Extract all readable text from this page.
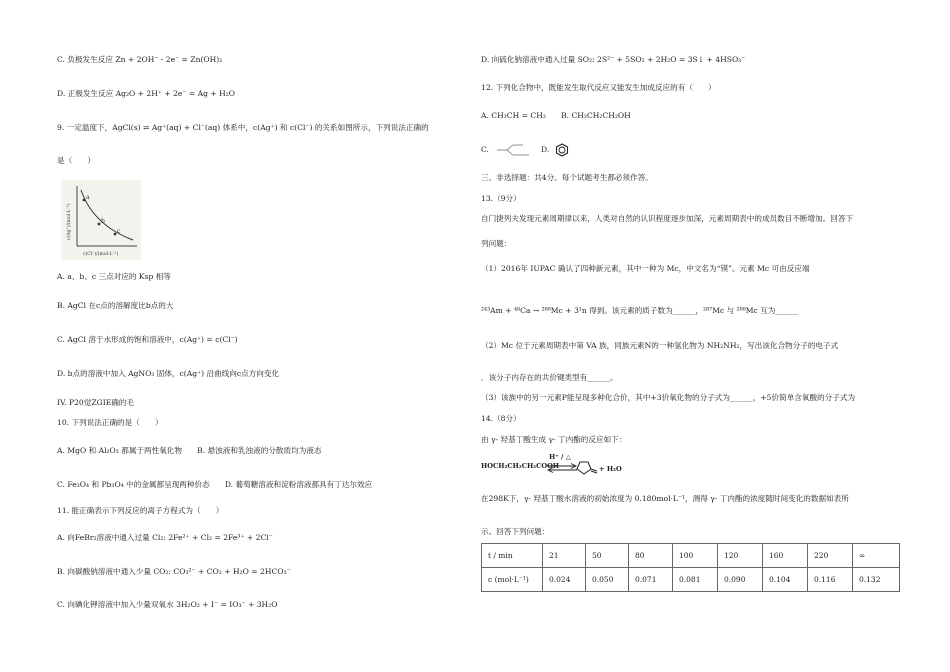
C. 负极发生反应 Zn + 2OH⁻ - 2e⁻ = Zn(OH)₂
D. 正极发生反应 Ag₂O + 2H⁺ + 2e⁻ = Ag + H₂O
9. 一定温度下，AgCl(s) ⇌ Ag⁺(aq) + Cl⁻(aq) 体系中，c(Ag⁺) 和 c(Cl⁻) 的关系如图所示，下列说法正确的
是（　　）
a
b
c
c(Ag⁺)/(mol·L⁻¹)
c(Cl⁻)/(mol·L⁻¹)
A. a、b、c 三点对应的 Ksp 相等
B. AgCl 在c点的溶解度比b点的大
C. AgCl 溶于水形成的饱和溶液中，c(Ag⁺) = c(Cl⁻)
D. b点的溶液中加入 AgNO₃ 固体，c(Ag⁺) 沿曲线向c点方向变化
IV. P20觉ZGIE确的毛
10. 下列说法正确的是（　　）
A. MgO 和 Al₂O₃ 都属于两性氧化物　　B. 悬浊液和乳浊液的分散质均为液态
C. Fe₃O₄ 和 Pb₃O₄ 中的金属都呈现两种价态　　D. 葡萄糖溶液和淀粉溶液都具有丁达尔效应
11. 能正确表示下列反应的离子方程式为（　　）
A. 向FeBr₂溶液中通入过量 Cl₂: 2Fe²⁺ + Cl₂ = 2Fe³⁺ + 2Cl⁻
B. 向碳酸钠溶液中通入少量 CO₂: CO₃²⁻ + CO₂ + H₂O = 2HCO₃⁻
C. 向碘化钾溶液中加入少量双氧水 3H₂O₂ + I⁻ = IO₃⁻ + 3H₂O
D. 向硫化钠溶液中通入过量 SO₂: 2S²⁻ + 5SO₂ + 2H₂O = 3S↓ + 4HSO₃⁻
12. 下列化合物中，既能发生取代反应又能发生加成反应的有（　　）
A. CH₃CH = CH₂　　B. CH₃CH₂CH₂OH
C.	D.
三、非选择题：共4分。每个试题考生都必须作答。
13.（9分）
自门捷列夫发现元素周期律以来，人类对自然的认识程度逐步加深，元素周期表中的成员数目不断增加。回答下
列问题：
（1）2016年 IUPAC 确认了四种新元素，其中一种为 Mc，中文名为“镆”。元素 Mc 可由反应端
²⁴³Am + ⁴⁸Ca → ²⁸⁸Mc + 3¹n 得到。该元素的质子数为______，²⁸⁷Mc 与 ²⁸⁸Mc 互为______
（2）Mc 位于元素周期表中第 VA 族，同族元素N的一种氢化物为 NH₂NH₂，写出该化合物分子的电子式
．该分子内存在的共价键类型有______。
（3）该族中的另一元素P能呈现多种化合价，其中+3价氧化物的分子式为______，+5价简单含氧酸的分子式为
14.（8分）
由 γ- 羟基丁酸生成 γ- 丁内酯的反应如下：
HOCH₂CH₂CH₂COOH
H⁺ / △
+ H₂O
在298K下，γ- 羟基丁酸水溶液的初始浓度为 0.180mol·L⁻¹，测得 γ- 丁内酯的浓度随时间变化的数据如表所
示。回答下列问题：
t / min	21	50	80	100	120	160	220	∞
c (mol·L⁻¹)	0.024	0.050	0.071	0.081	0.090	0.104	0.116	0.132
